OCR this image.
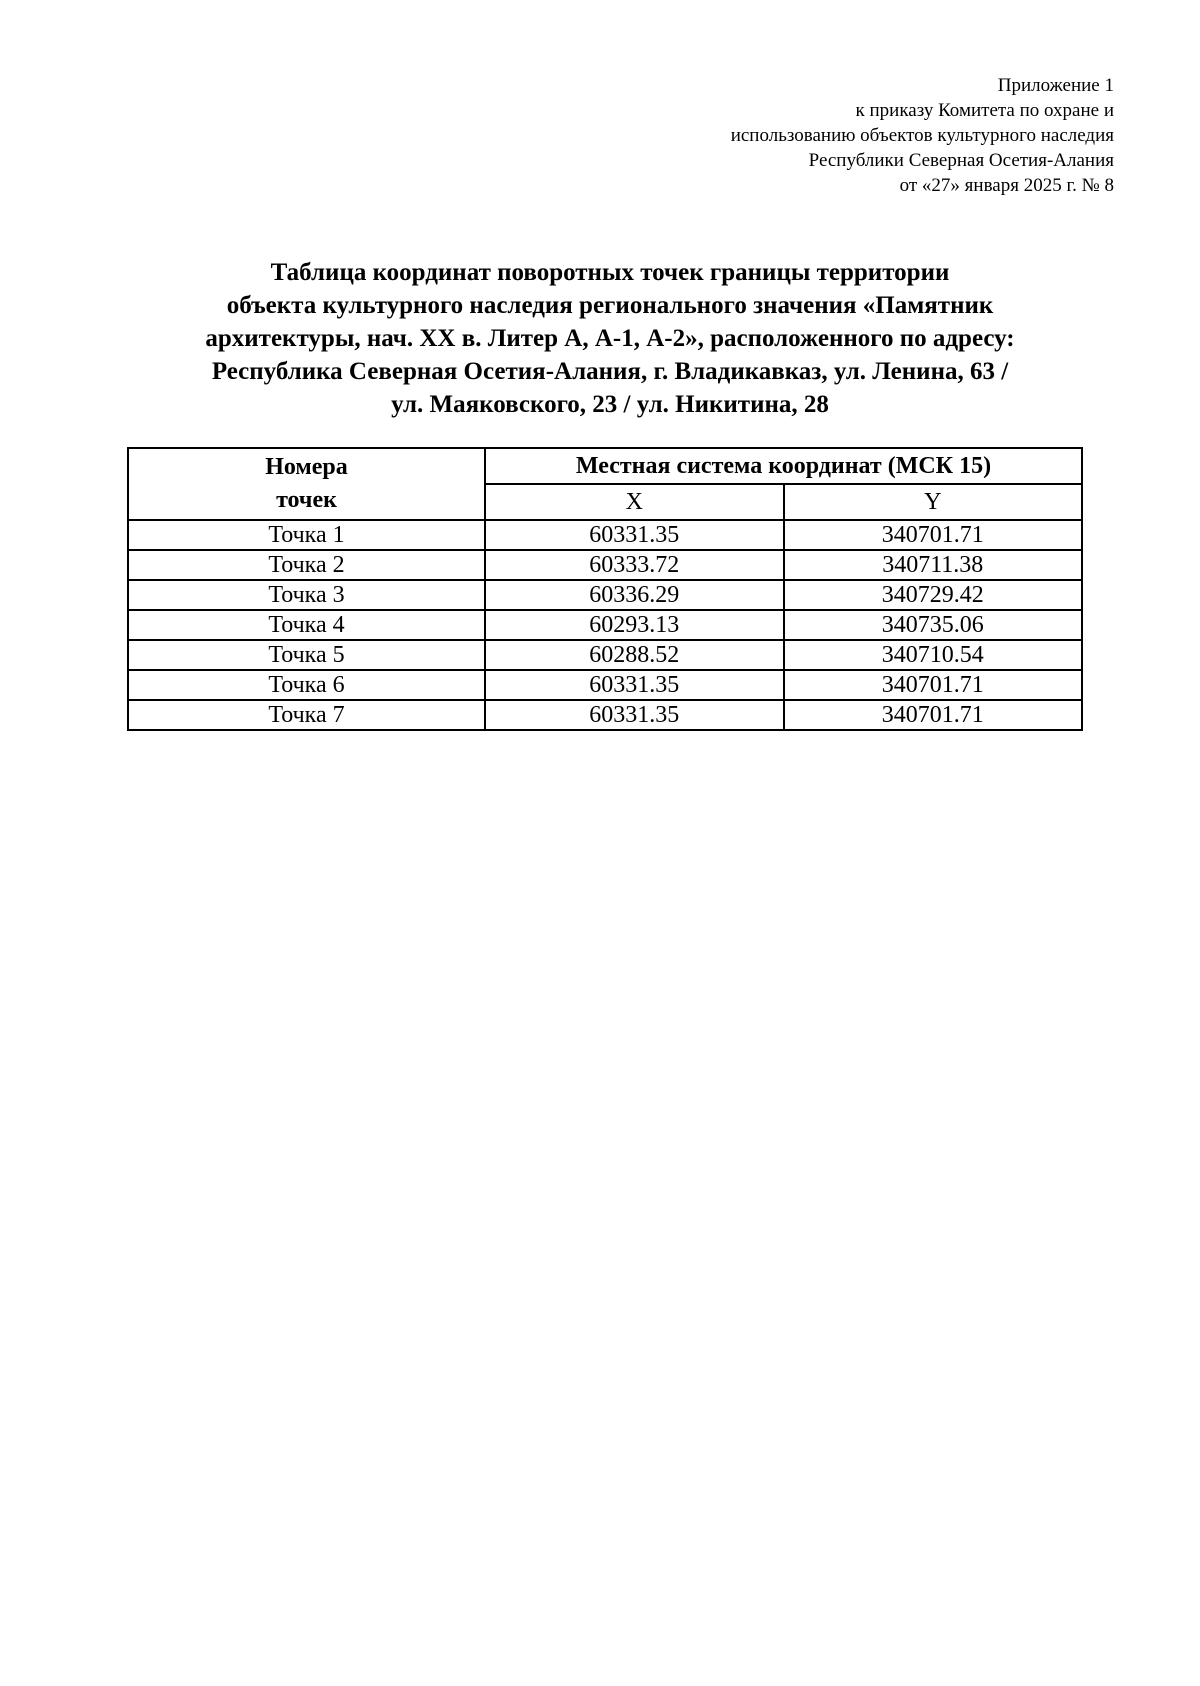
Приложение 1
к приказу Комитета по охране и
использованию объектов культурного наследия
Республики Северная Осетия-Алания
от «27» января 2025 г. № 8
Таблица координат поворотных точек границы территории
объекта культурного наследия регионального значения «Памятник
архитектуры, нач. XX в. Литер А, А-1, А-2», расположенного по адресу:
Республика Северная Осетия-Алания, г. Владикавказ, ул. Ленина, 63 /
ул. Маяковского, 23 / ул. Никитина, 28
Номера
точек	Местная система координат (МСК 15)	
	X	Y
Точка 1	60331.35	340701.71
Точка 2	60333.72	340711.38
Точка 3	60336.29	340729.42
Точка 4	60293.13	340735.06
Точка 5	60288.52	340710.54
Точка 6	60331.35	340701.71
Точка 7	60331.35	340701.71
